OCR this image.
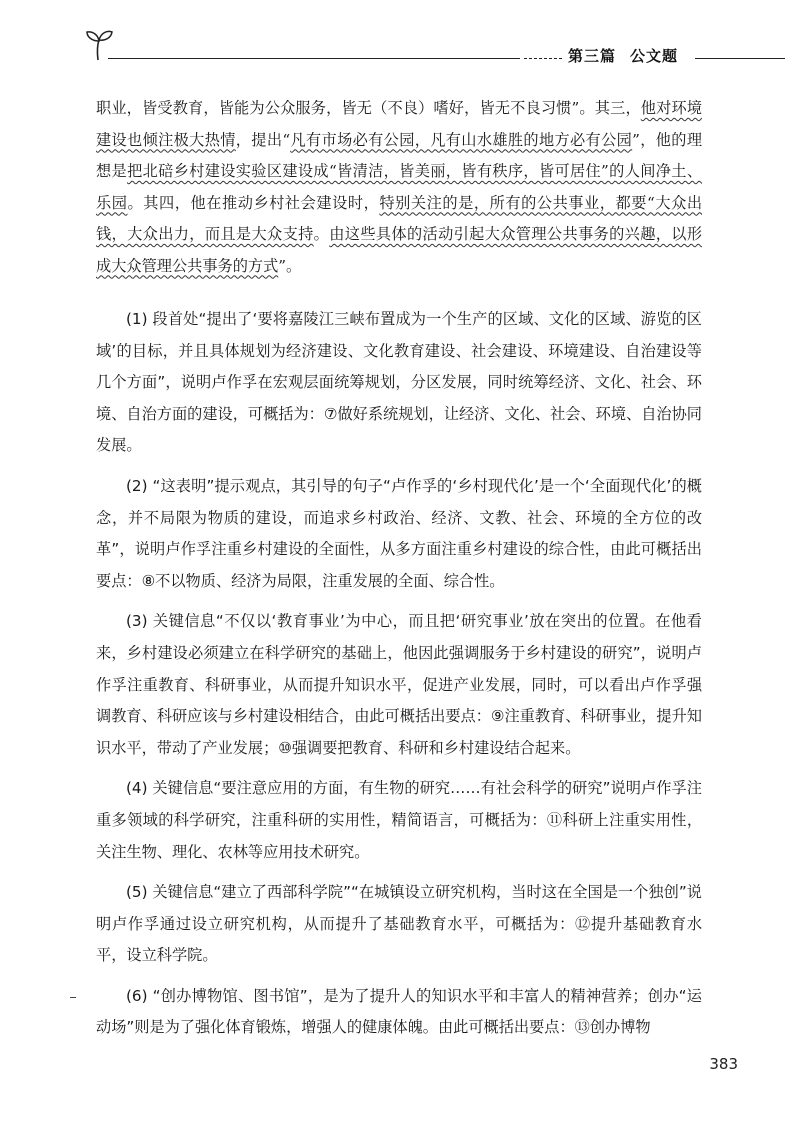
第三篇 公文题

职业，皆受教育，皆能为公众服务，皆无（不良）嗜好，皆无不良习惯”。其三，他对环境建设也倾注极大热情，提出“凡有市场必有公园，凡有山水雄胜的地方必有公园”，他的理想是把北碚乡村建设实验区建设成“皆清洁，皆美丽，皆有秩序，皆可居住”的人间净土、乐园。其四，他在推动乡村社会建设时，特别关注的是，所有的公共事业，都要“大众出钱，大众出力，而且是大众支持。由这些具体的活动引起大众管理公共事务的兴趣，以形成大众管理公共事务的方式”。

(1) 段首处“提出了‘要将嘉陵江三峡布置成为一个生产的区域、文化的区域、游览的区域’的目标，并且具体规划为经济建设、文化教育建设、社会建设、环境建设、自治建设等几个方面”，说明卢作孚在宏观层面统筹规划，分区发展，同时统筹经济、文化、社会、环境、自治方面的建设，可概括为：⑦做好系统规划，让经济、文化、社会、环境、自治协同发展。

(2) “这表明”提示观点，其引导的句子“卢作孚的‘乡村现代化’是一个‘全面现代化’的概念，并不局限为物质的建设，而追求乡村政治、经济、文教、社会、环境的全方位的改革”，说明卢作孚注重乡村建设的全面性，从多方面注重乡村建设的综合性，由此可概括出要点：⑧不以物质、经济为局限，注重发展的全面、综合性。

(3) 关键信息“不仅以‘教育事业’为中心，而且把‘研究事业’放在突出的位置。在他看来，乡村建设必须建立在科学研究的基础上，他因此强调服务于乡村建设的研究”，说明卢作孚注重教育、科研事业，从而提升知识水平，促进产业发展，同时，可以看出卢作孚强调教育、科研应该与乡村建设相结合，由此可概括出要点：⑨注重教育、科研事业，提升知识水平，带动了产业发展；⑩强调要把教育、科研和乡村建设结合起来。

(4) 关键信息“要注意应用的方面，有生物的研究……有社会科学的研究”说明卢作孚注重多领域的科学研究，注重科研的实用性，精简语言，可概括为：⑪科研上注重实用性，关注生物、理化、农林等应用技术研究。

(5) 关键信息“建立了西部科学院”“在城镇设立研究机构，当时这在全国是一个独创”说明卢作孚通过设立研究机构，从而提升了基础教育水平，可概括为：⑫提升基础教育水平，设立科学院。

(6) “创办博物馆、图书馆”，是为了提升人的知识水平和丰富人的精神营养；创办“运动场”则是为了强化体育锻炼，增强人的健康体魄。由此可概括出要点：⑬创办博物

383
